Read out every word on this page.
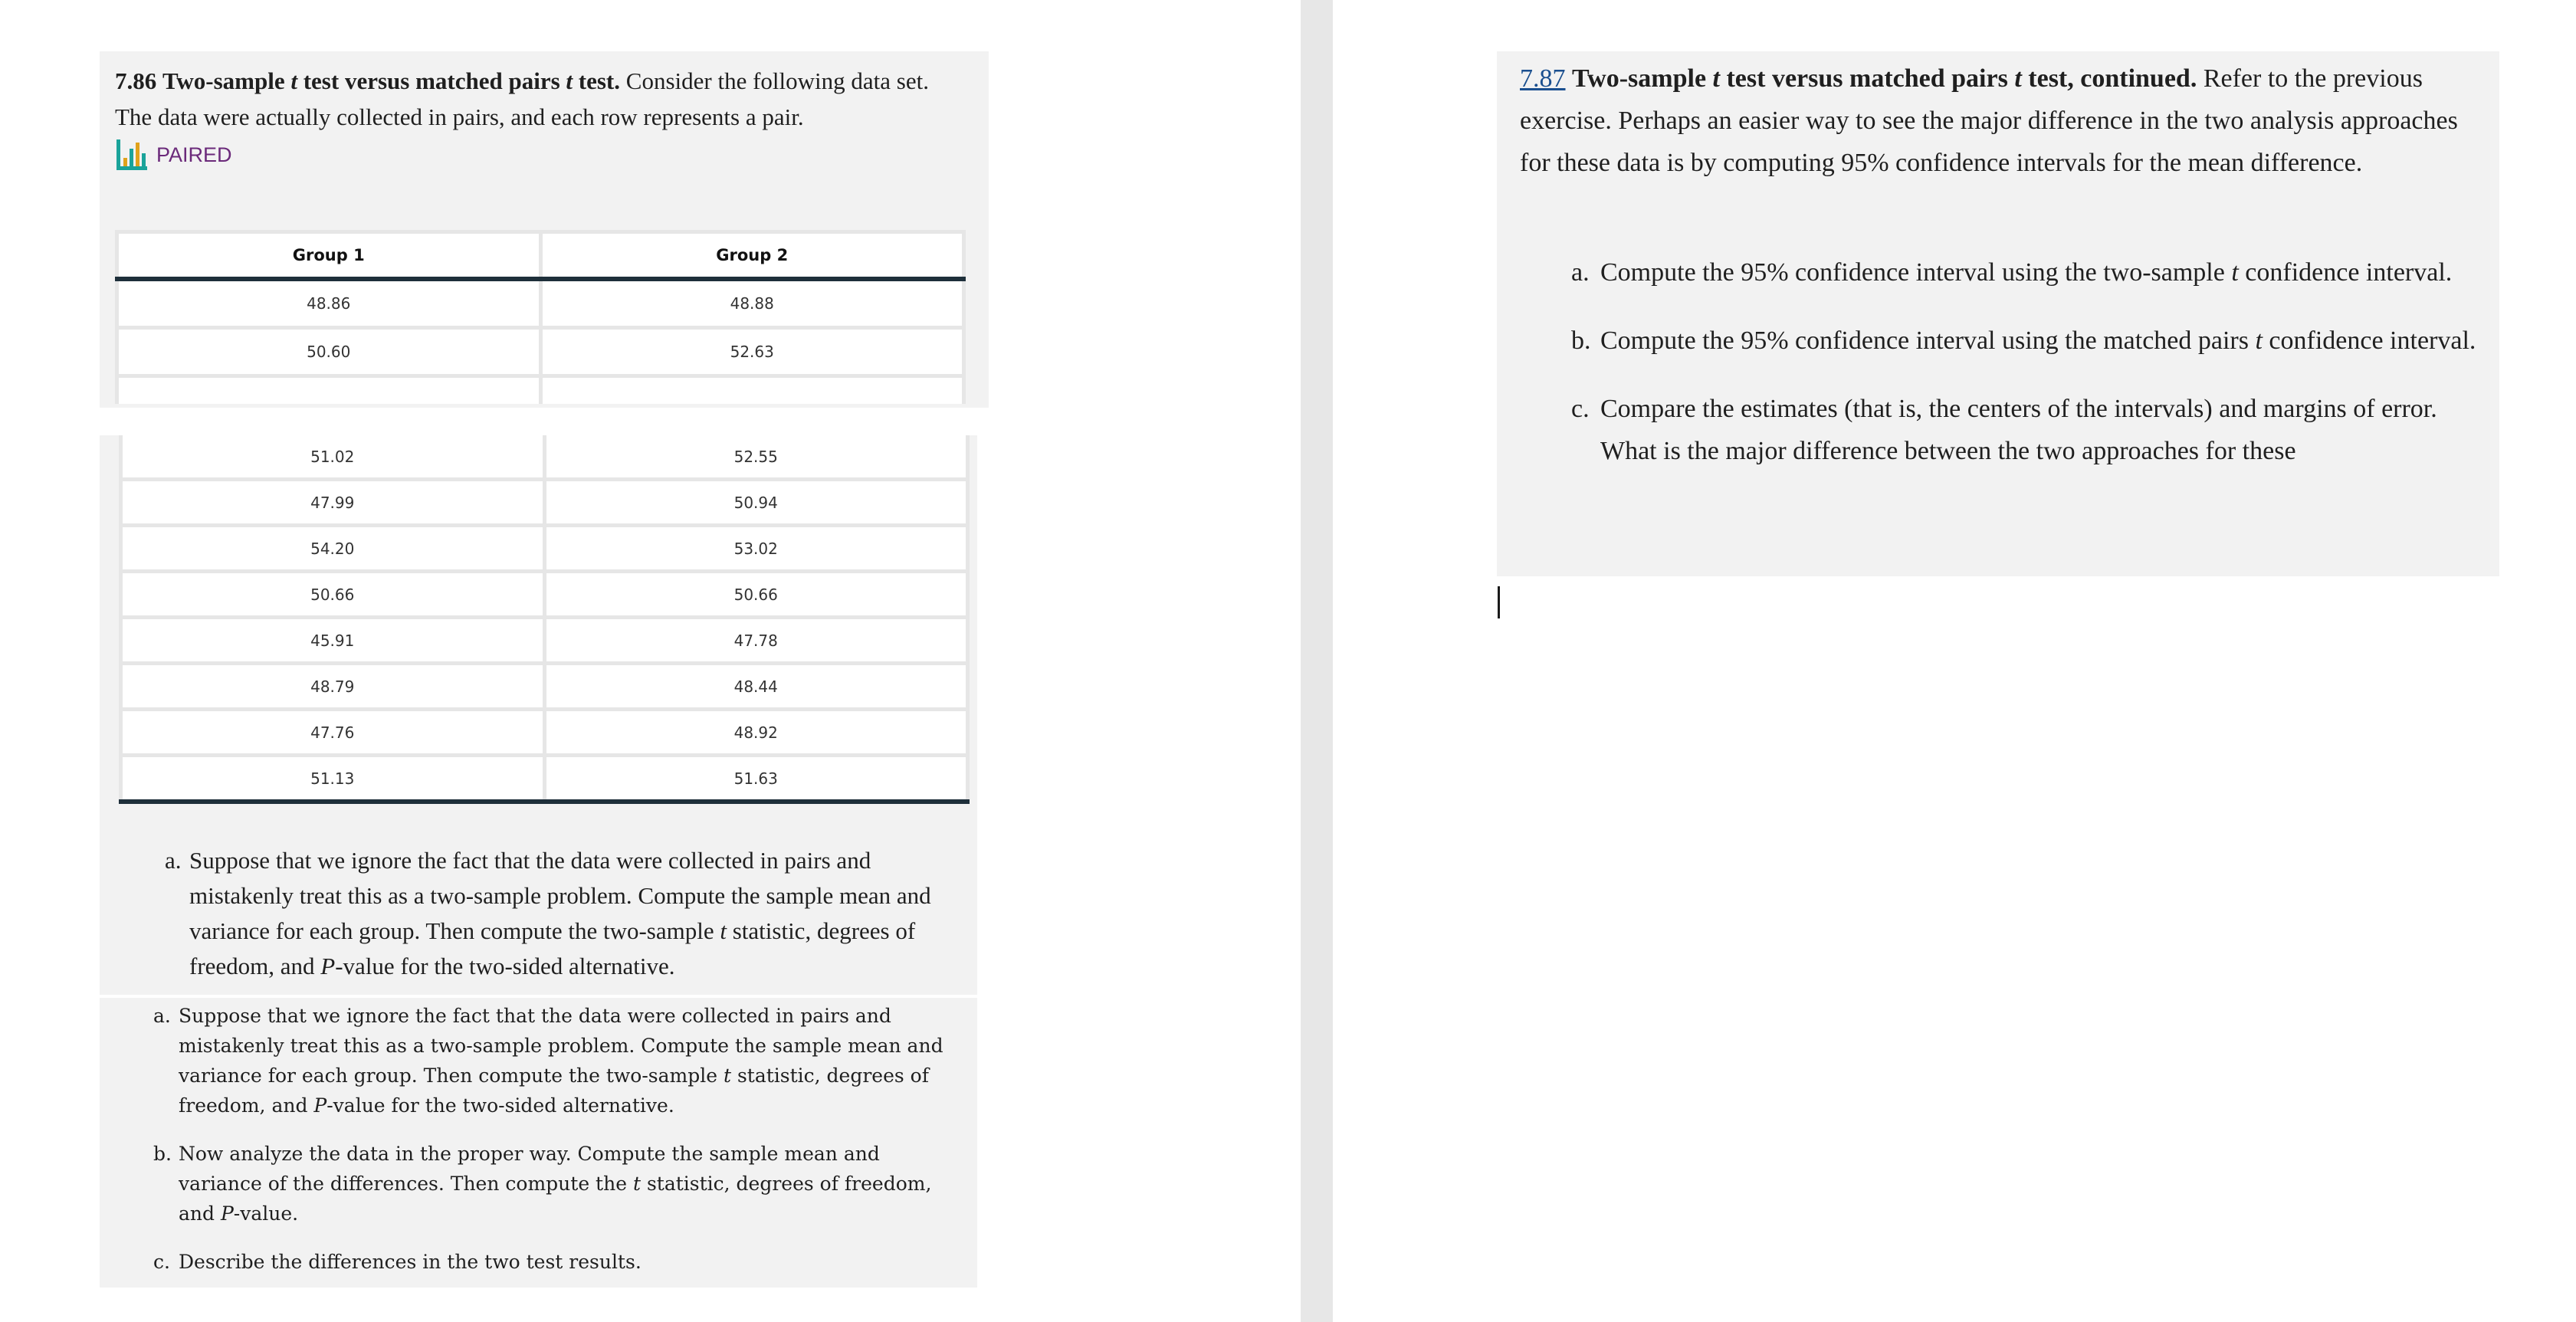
7.86 Two-sample t test versus matched pairs t test. Consider the following data set. The data were actually collected in pairs, and each row represents a pair.
PAIRED
Group 1	Group 2
48.86	48.88
50.60	52.63

51.02	52.55
47.99	50.94
54.20	53.02
50.66	50.66
45.91	47.78
48.79	48.44
47.76	48.92
51.13	51.63
a. Suppose that we ignore the fact that the data were collected in pairs and mistakenly treat this as a two-sample problem. Compute the sample mean and variance for each group. Then compute the two-sample t statistic, degrees of freedom, and P-value for the two-sided alternative.
a. Suppose that we ignore the fact that the data were collected in pairs and mistakenly treat this as a two-sample problem. Compute the sample mean and variance for each group. Then compute the two-sample t statistic, degrees of freedom, and P-value for the two-sided alternative.
b. Now analyze the data in the proper way. Compute the sample mean and variance of the differences. Then compute the t statistic, degrees of freedom, and P-value.
c. Describe the differences in the two test results.
7.87 Two-sample t test versus matched pairs t test, continued. Refer to the previous exercise. Perhaps an easier way to see the major difference in the two analysis approaches for these data is by computing 95% confidence intervals for the mean difference.
a. Compute the 95% confidence interval using the two-sample t confidence interval.
b. Compute the 95% confidence interval using the matched pairs t confidence interval.
c. Compare the estimates (that is, the centers of the intervals) and margins of error. What is the major difference between the two approaches for these
